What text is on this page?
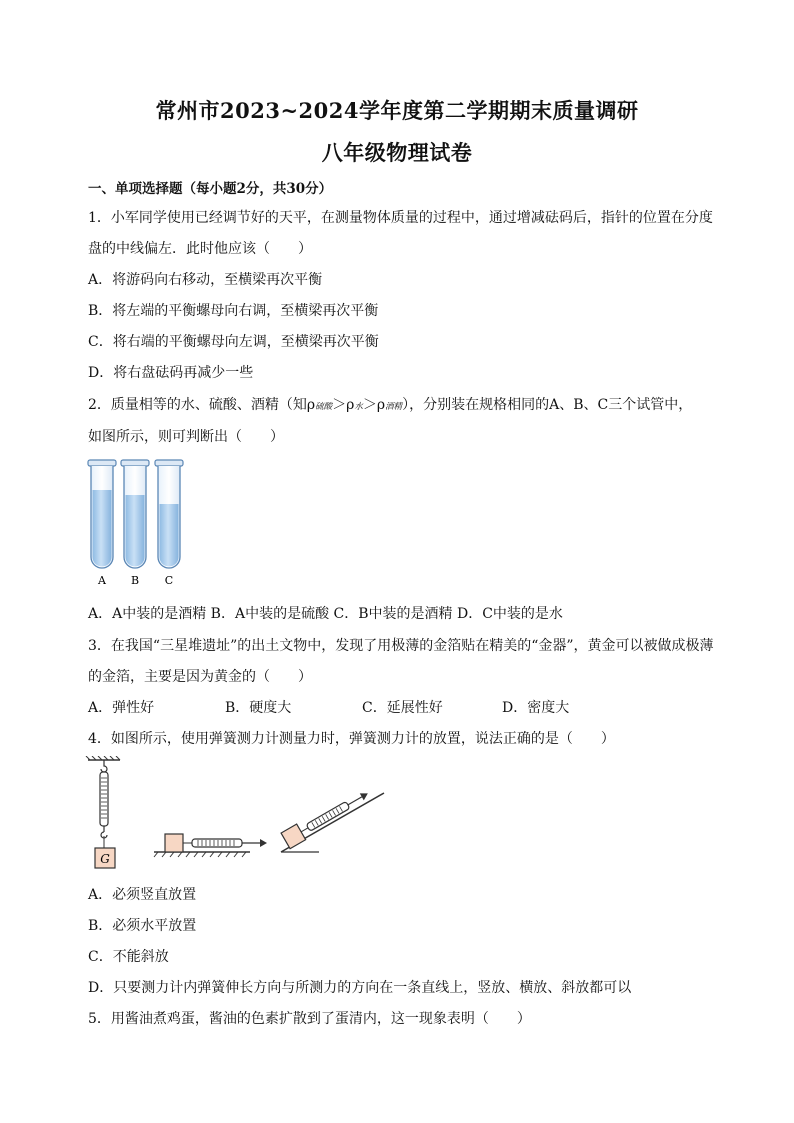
常州市2023~2024学年度第二学期期末质量调研
八年级物理试卷
一、单项选择题（每小题2分，共30分）
1．小军同学使用已经调节好的天平，在测量物体质量的过程中，通过增减砝码后，指针的位置在分度
盘的中线偏左．此时他应该（　　）
A．将游码向右移动，至横梁再次平衡
B．将左端的平衡螺母向右调，至横梁再次平衡
C．将右端的平衡螺母向左调，至横梁再次平衡
D．将右盘砝码再减少一些
2．质量相等的水、硫酸、酒精（知ρ硫酸＞ρ水＞ρ酒精），分别装在规格相同的A、B、C三个试管中，
如图所示，则可判断出（　　）
A B C
A．A中装的是酒精 B．A中装的是硫酸 C．B中装的是酒精 D．C中装的是水
3．在我国“三星堆遗址”的出土文物中，发现了用极薄的金箔贴在精美的“金器”，黄金可以被做成极薄
的金箔，主要是因为黄金的（　　）
A．弹性好	B．硬度大	C．延展性好	D．密度大
4．如图所示，使用弹簧测力计测量力时，弹簧测力计的放置，说法正确的是（　　）
G
A．必须竖直放置
B．必须水平放置
C．不能斜放
D．只要测力计内弹簧伸长方向与所测力的方向在一条直线上，竖放、横放、斜放都可以
5．用酱油煮鸡蛋，酱油的色素扩散到了蛋清内，这一现象表明（　　）
